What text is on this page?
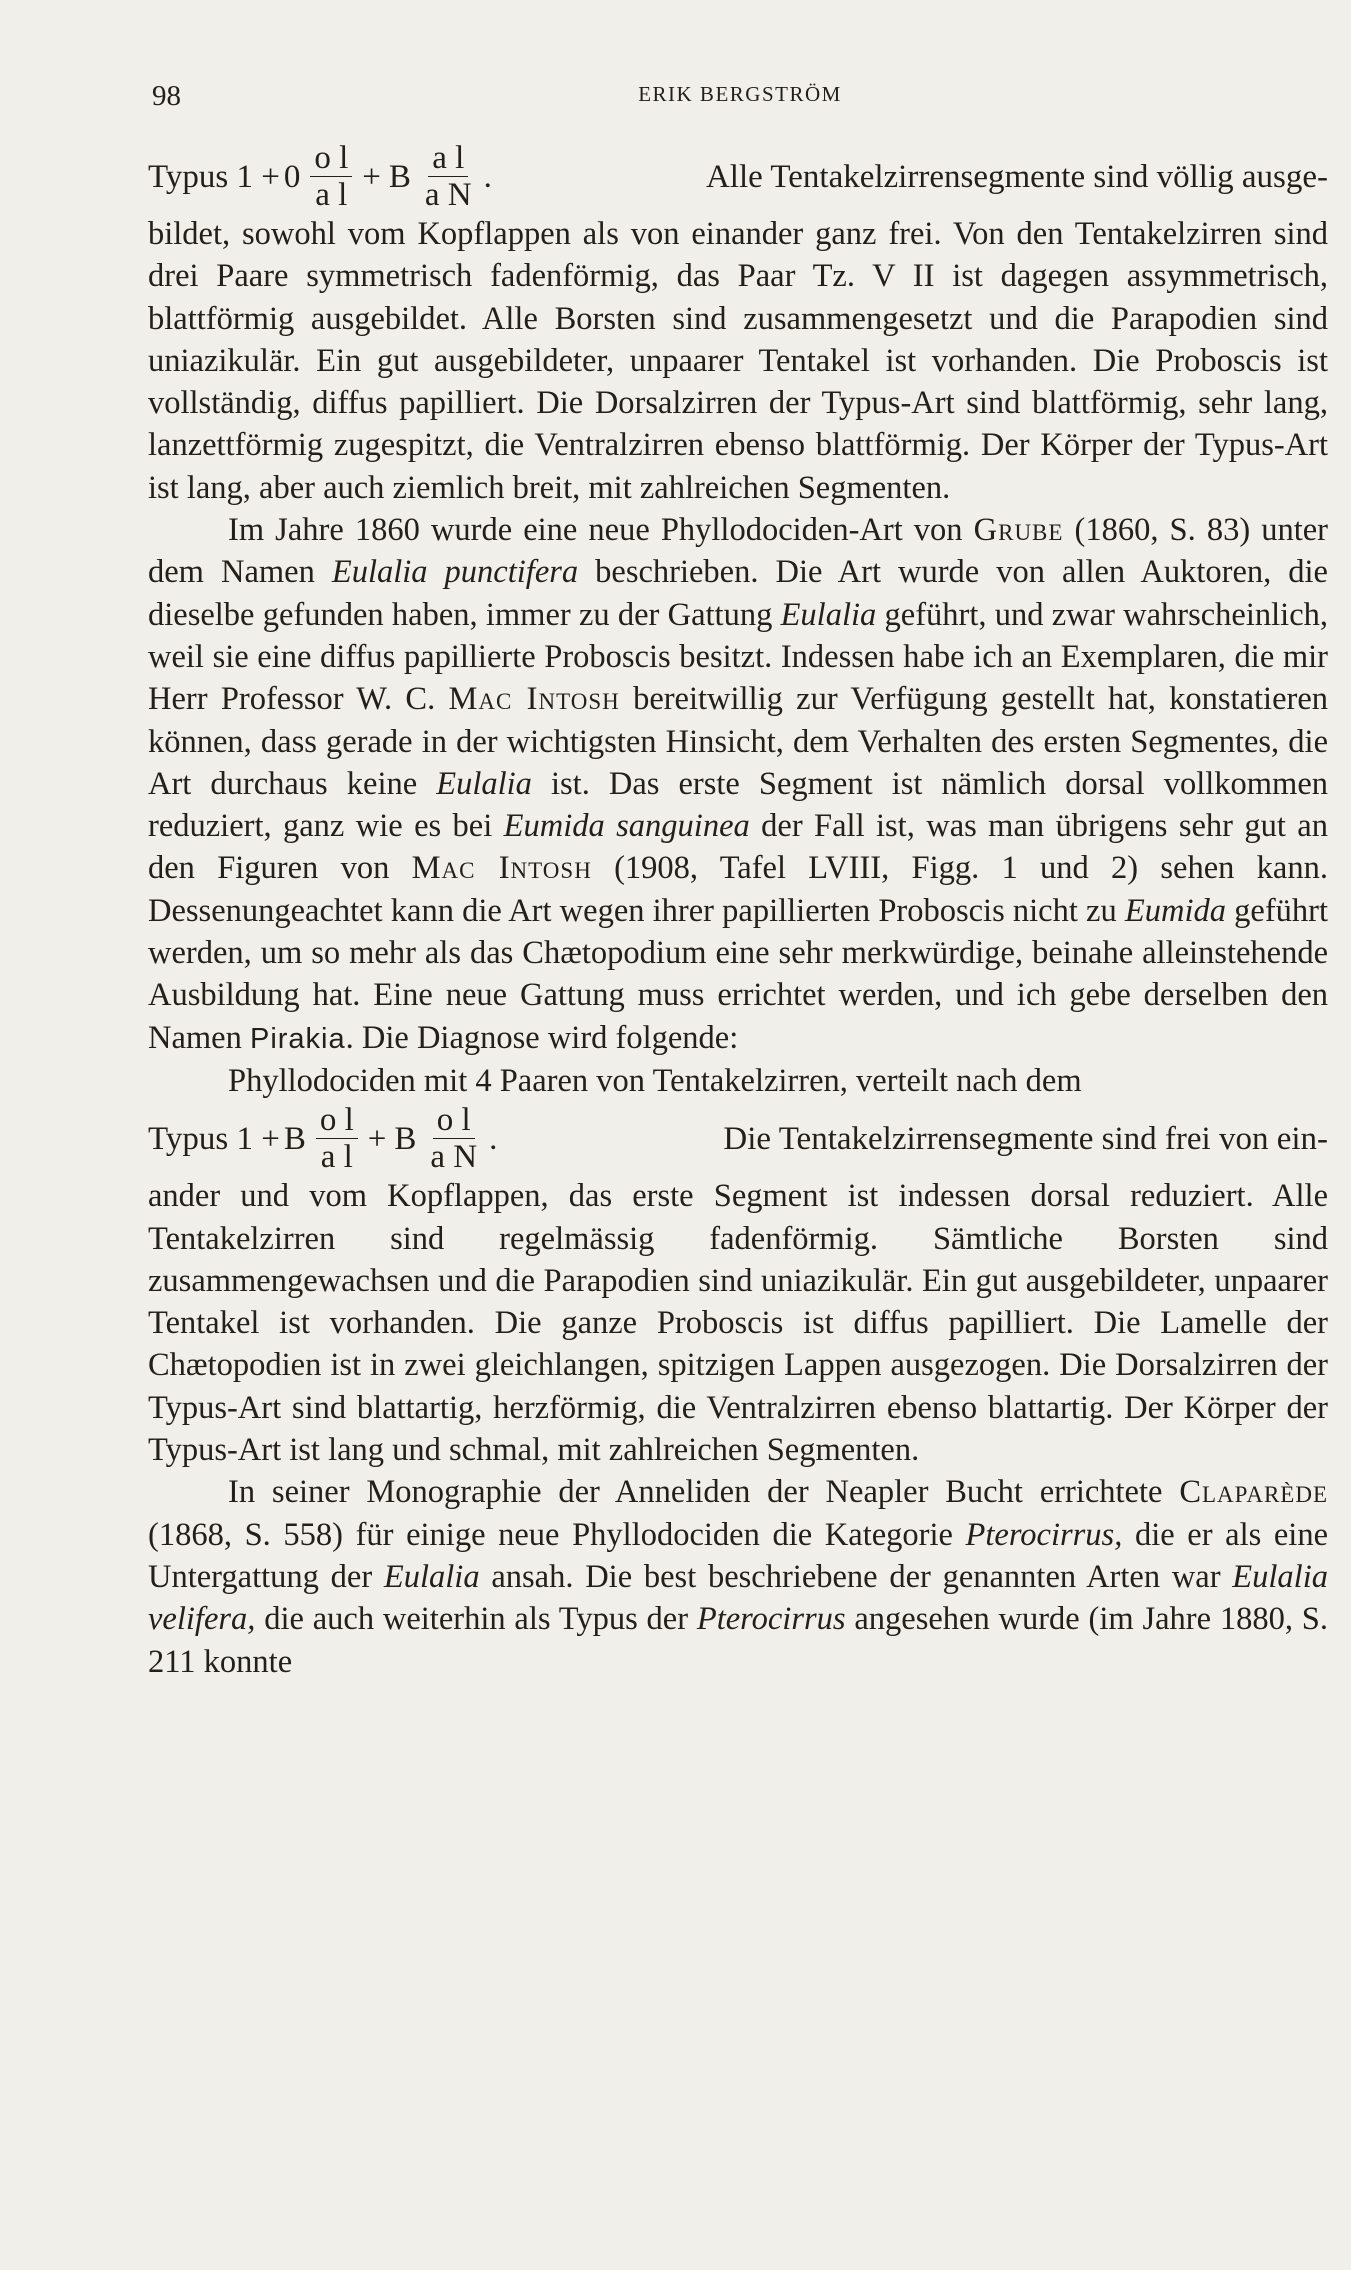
98	ERIK BERGSTRÖM
Typus $1 + 0 \frac{\text{o l}}{\text{a l}} + B \frac{\text{a l}}{\text{a N}}$ .	Alle Tentakelzirrensegmente sind völlig ausge-

bildet, sowohl vom Kopflappen als von einander ganz frei. Von den Tentakelzirren sind drei Paare symmetrisch fadenförmig, das Paar Tz. V II ist dagegen assymmetrisch, blattförmig ausgebildet. Alle Borsten sind zusammengesetzt und die Parapodien sind uniazikulär. Ein gut ausgebildeter, unpaarer Tentakel ist vorhanden. Die Proboscis ist vollständig, diffus papilliert. Die Dorsalzirren der Typus-Art sind blattförmig, sehr lang, lanzettförmig zugespitzt, die Ventralzirren ebenso blattförmig. Der Körper der Typus-Art ist lang, aber auch ziemlich breit, mit zahlreichen Segmenten.

Im Jahre 1860 wurde eine neue Phyllodociden-Art von Grube (1860, S. 83) unter dem Namen Eulalia punctifera beschrieben. Die Art wurde von allen Auktoren, die dieselbe gefunden haben, immer zu der Gattung Eulalia geführt, und zwar wahrscheinlich, weil sie eine diffus papillierte Proboscis besitzt. Indessen habe ich an Exemplaren, die mir Herr Professor W. C. Mac Intosh bereitwillig zur Verfügung gestellt hat, konstatieren können, dass gerade in der wichtigsten Hinsicht, dem Verhalten des ersten Segmentes, die Art durchaus keine Eulalia ist. Das erste Segment ist nämlich dorsal vollkommen reduziert, ganz wie es bei Eumida sanguinea der Fall ist, was man übrigens sehr gut an den Figuren von Mac Intosh (1908, Tafel LVIII, Figg. 1 und 2) sehen kann. Dessenungeachtet kann die Art wegen ihrer papillierten Proboscis nicht zu Eumida geführt werden, um so mehr als das Chætopodium eine sehr merkwürdige, beinahe alleinstehende Ausbildung hat. Eine neue Gattung muss errichtet werden, und ich gebe derselben den Namen Pirakia. Die Diagnose wird folgende:

Phyllodociden mit 4 Paaren von Tentakelzirren, verteilt nach dem

Typus 1 + B $\frac{\text{o l}}{\text{a l}} + B \frac{\text{o l}}{\text{a N}}$ .	Die Tentakelzirrensegmente sind frei von ein-

ander und vom Kopflappen, das erste Segment ist indessen dorsal reduziert. Alle Tentakelzirren sind regelmässig fadenförmig. Sämtliche Borsten sind zusammengewachsen und die Parapodien sind uniazikulär. Ein gut ausgebildeter, unpaarer Tentakel ist vorhanden. Die ganze Proboscis ist diffus papilliert. Die Lamelle der Chætopodien ist in zwei gleichlangen, spitzigen Lappen ausgezogen. Die Dorsalzirren der Typus-Art sind blattartig, herzförmig, die Ventralzirren ebenso blattartig. Der Körper der Typus-Art ist lang und schmal, mit zahlreichen Segmenten.

In seiner Monographie der Anneliden der Neapler Bucht errichtete Claparède (1868, S. 558) für einige neue Phyllodociden die Kategorie Pterocirrus, die er als eine Untergattung der Eulalia ansah. Die best beschriebene der genannten Arten war Eulalia velifera, die auch weiterhin als Typus der Pterocirrus angesehen wurde (im Jahre 1880, S. 211 konnte
